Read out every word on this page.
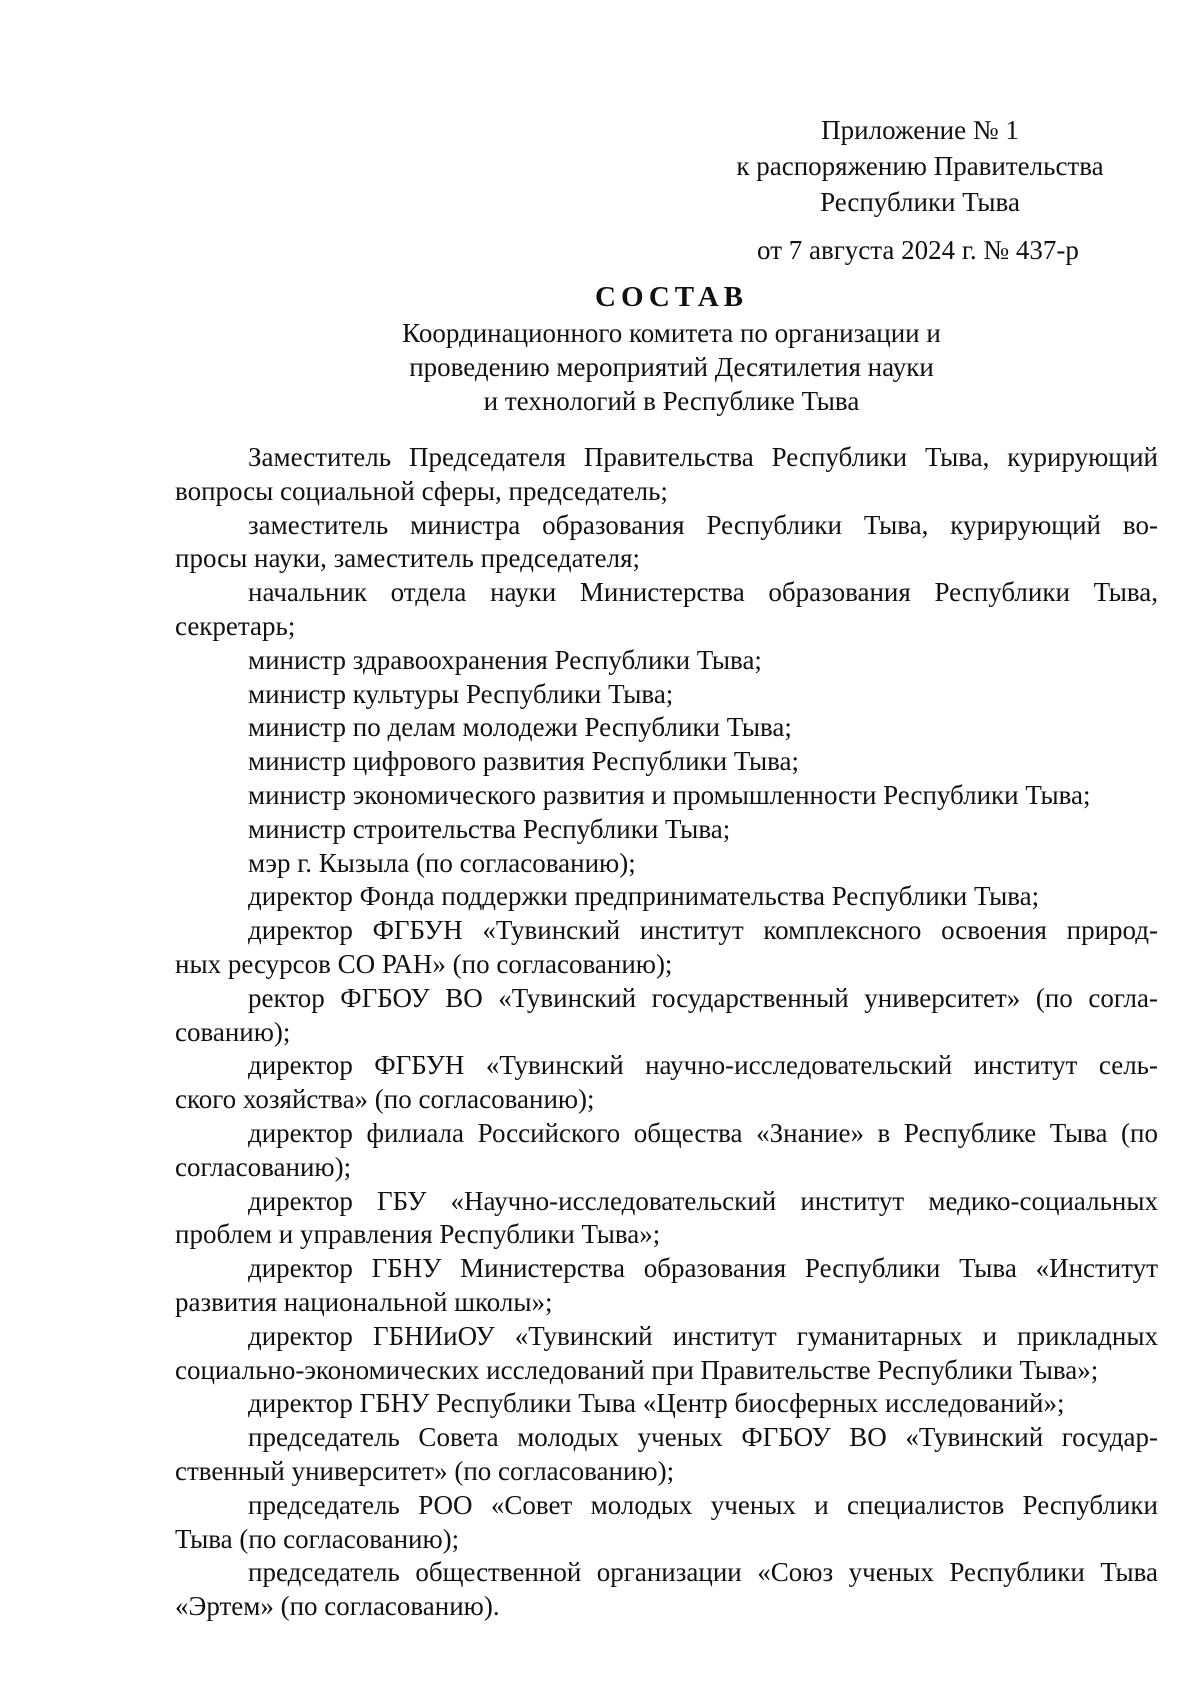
Приложение № 1
к распоряжению Правительства
Республики Тыва
от 7 августа 2024 г. № 437-р
СОСТАВ
Координационного комитета по организации и
проведению мероприятий Десятилетия науки
и технологий в Республике Тыва
Заместитель Председателя Правительства Республики Тыва, курирующий
вопросы социальной сферы, председатель;
заместитель министра образования Республики Тыва, курирующий во-
просы науки, заместитель председателя;
начальник отдела науки Министерства образования Республики Тыва,
секретарь;
министр здравоохранения Республики Тыва;
министр культуры Республики Тыва;
министр по делам молодежи Республики Тыва;
министр цифрового развития Республики Тыва;
министр экономического развития и промышленности Республики Тыва;
министр строительства Республики Тыва;
мэр г. Кызыла (по согласованию);
директор Фонда поддержки предпринимательства Республики Тыва;
директор ФГБУН «Тувинский институт комплексного освоения природ-
ных ресурсов СО РАН» (по согласованию);
ректор ФГБОУ ВО «Тувинский государственный университет» (по согла-
сованию);
директор ФГБУН «Тувинский научно-исследовательский институт сель-
ского хозяйства» (по согласованию);
директор филиала Российского общества «Знание» в Республике Тыва (по
согласованию);
директор ГБУ «Научно-исследовательский институт медико-социальных
проблем и управления Республики Тыва»;
директор ГБНУ Министерства образования Республики Тыва «Институт
развития национальной школы»;
директор ГБНИиОУ «Тувинский институт гуманитарных и прикладных
социально-экономических исследований при Правительстве Республики Тыва»;
директор ГБНУ Республики Тыва «Центр биосферных исследований»;
председатель Совета молодых ученых ФГБОУ ВО «Тувинский государ-
ственный университет» (по согласованию);
председатель РОО «Совет молодых ученых и специалистов Республики
Тыва (по согласованию);
председатель общественной организации «Союз ученых Республики Тыва
«Эртем» (по согласованию).
